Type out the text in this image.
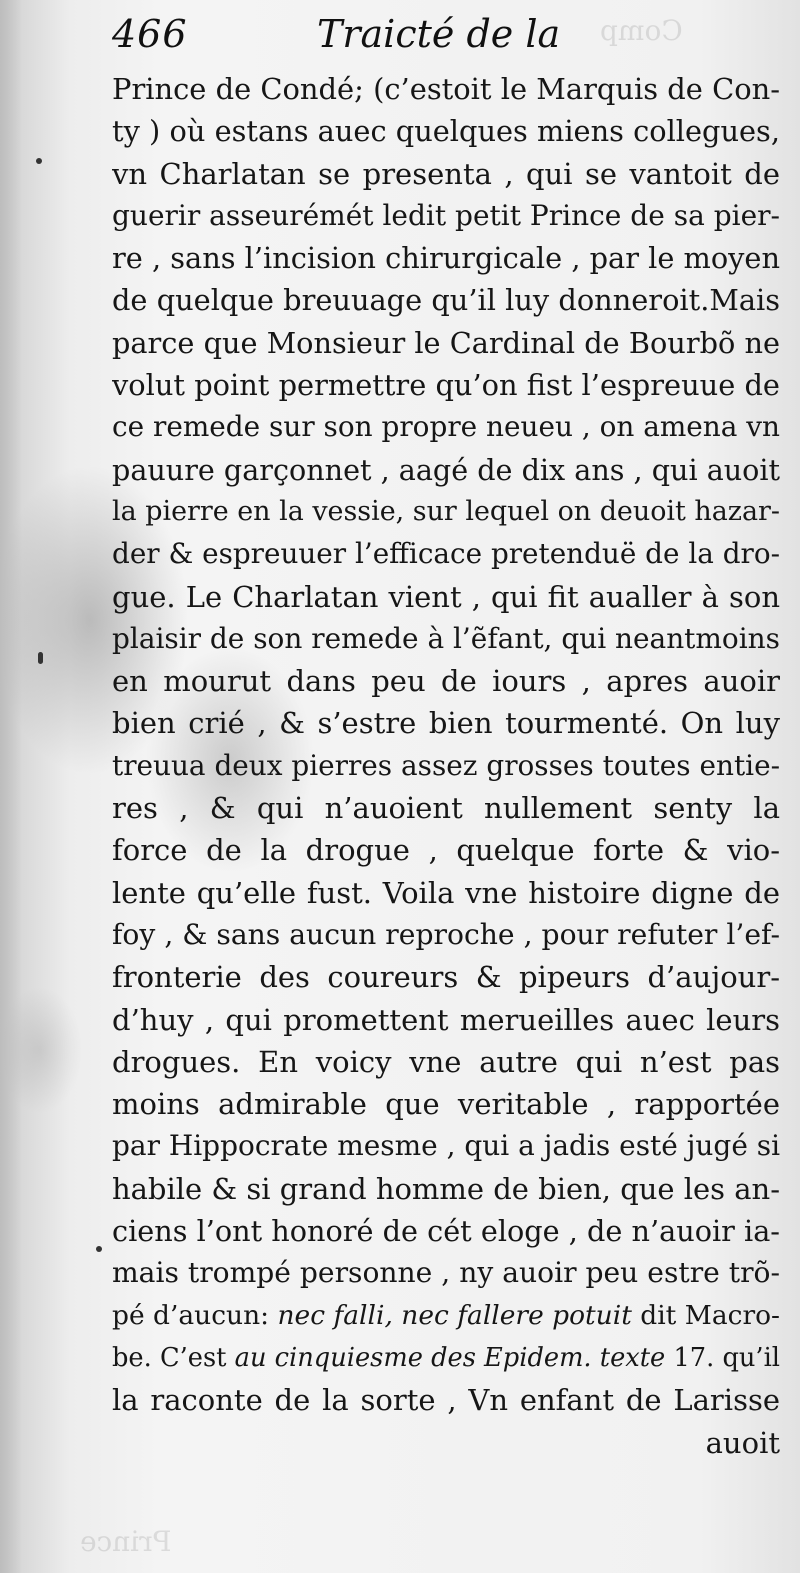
Comp
Prince
466	Traicté de la
Prince de Condé; (c’estoit le Marquis de Con-
ty ) où estans auec quelques miens collegues,
vn Charlatan se presenta , qui se vantoit de
guerir asseurémét ledit petit Prince de sa pier-
re , sans l’incision chirurgicale , par le moyen
de quelque breuuage qu’il luy donneroit.Mais
parce que Monsieur le Cardinal de Bourbõ ne
volut point permettre qu’on fist l’espreuue de
ce remede sur son propre neueu , on amena vn
pauure garçonnet , aagé de dix ans , qui auoit
la pierre en la vessie, sur lequel on deuoit hazar-
der & espreuuer l’efficace pretenduë de la dro-
gue. Le Charlatan vient , qui fit aualler à son
plaisir de son remede à l’ẽfant, qui neantmoins
en mourut dans peu de iours , apres auoir
bien crié , & s’estre bien tourmenté. On luy
treuua deux pierres assez grosses toutes entie-
res , & qui n’auoient nullement senty la
force de la drogue , quelque forte & vio-
lente qu’elle fust. Voila vne histoire digne de
foy , & sans aucun reproche , pour refuter l’ef-
fronterie des coureurs & pipeurs d’aujour-
d’huy , qui promettent merueilles auec leurs
drogues. En voicy vne autre qui n’est pas
moins admirable que veritable , rapportée
par Hippocrate mesme , qui a jadis esté jugé si
habile & si grand homme de bien, que les an-
ciens l’ont honoré de cét eloge , de n’auoir ia-
mais trompé personne , ny auoir peu estre trõ-
pé d’aucun: nec falli, nec fallere potuit dit Macro-
be. C’est au cinquiesme des Epidem. texte 17. qu’il
la raconte de la sorte , Vn enfant de Larisse
auoit
